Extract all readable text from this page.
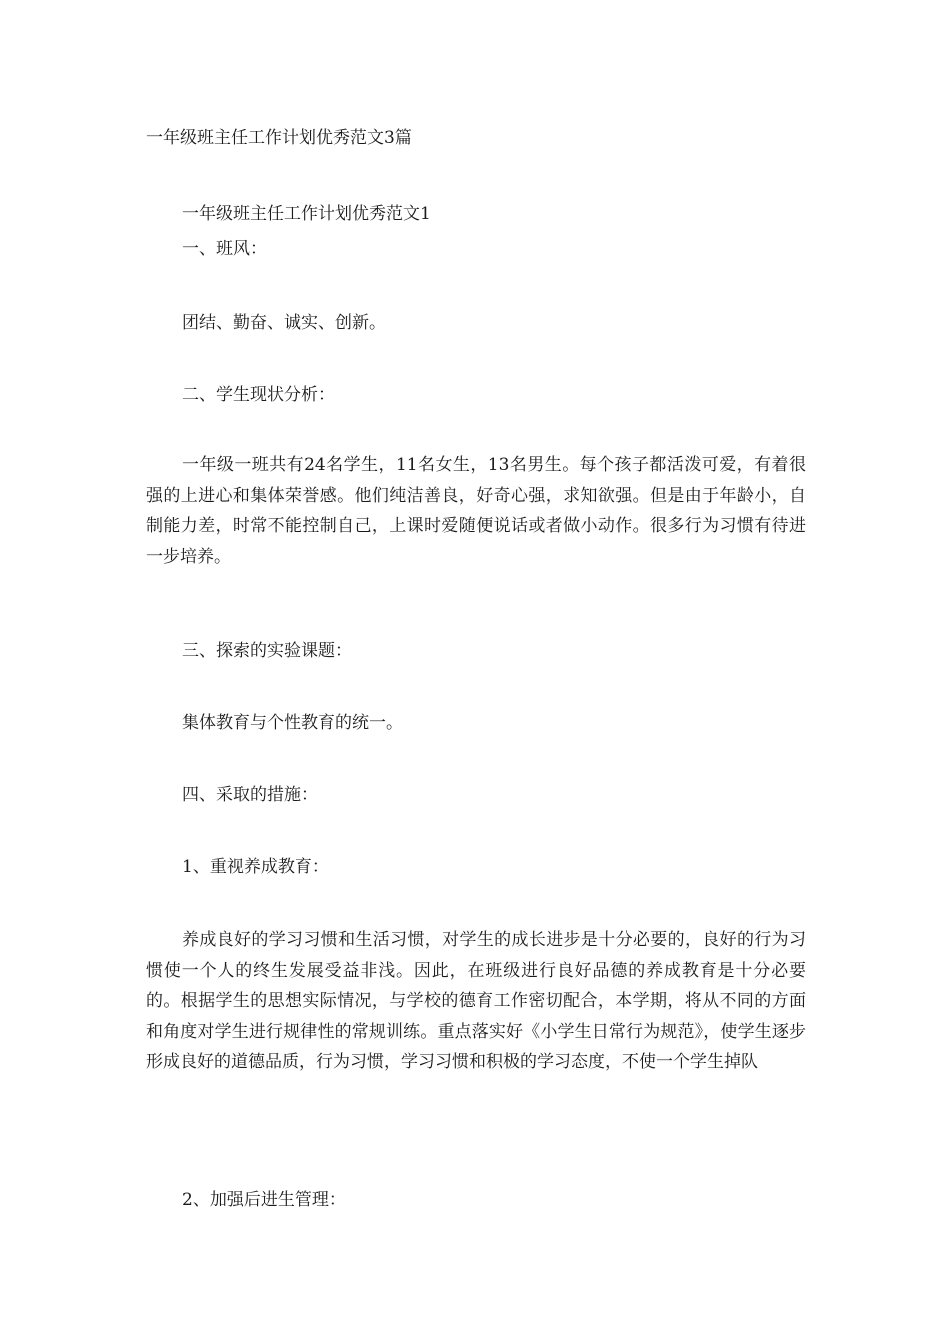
一年级班主任工作计划优秀范文3篇
一年级班主任工作计划优秀范文1
一、班风：
团结、勤奋、诚实、创新。
二、学生现状分析：
一年级一班共有24名学生，11名女生，13名男生。每个孩子都活泼可爱，有着很强的上进心和集体荣誉感。他们纯洁善良，好奇心强，求知欲强。但是由于年龄小，自制能力差，时常不能控制自己，上课时爱随便说话或者做小动作。很多行为习惯有待进一步培养。
三、探索的实验课题：
集体教育与个性教育的统一。
四、采取的措施：
1、重视养成教育：
养成良好的学习习惯和生活习惯，对学生的成长进步是十分必要的，良好的行为习惯使一个人的终生发展受益非浅。因此，在班级进行良好品德的养成教育是十分必要的。根据学生的思想实际情况，与学校的德育工作密切配合，本学期，将从不同的方面和角度对学生进行规律性的常规训练。重点落实好《小学生日常行为规范》，使学生逐步形成良好的道德品质，行为习惯，学习习惯和积极的学习态度，不使一个学生掉队
2、加强后进生管理：
